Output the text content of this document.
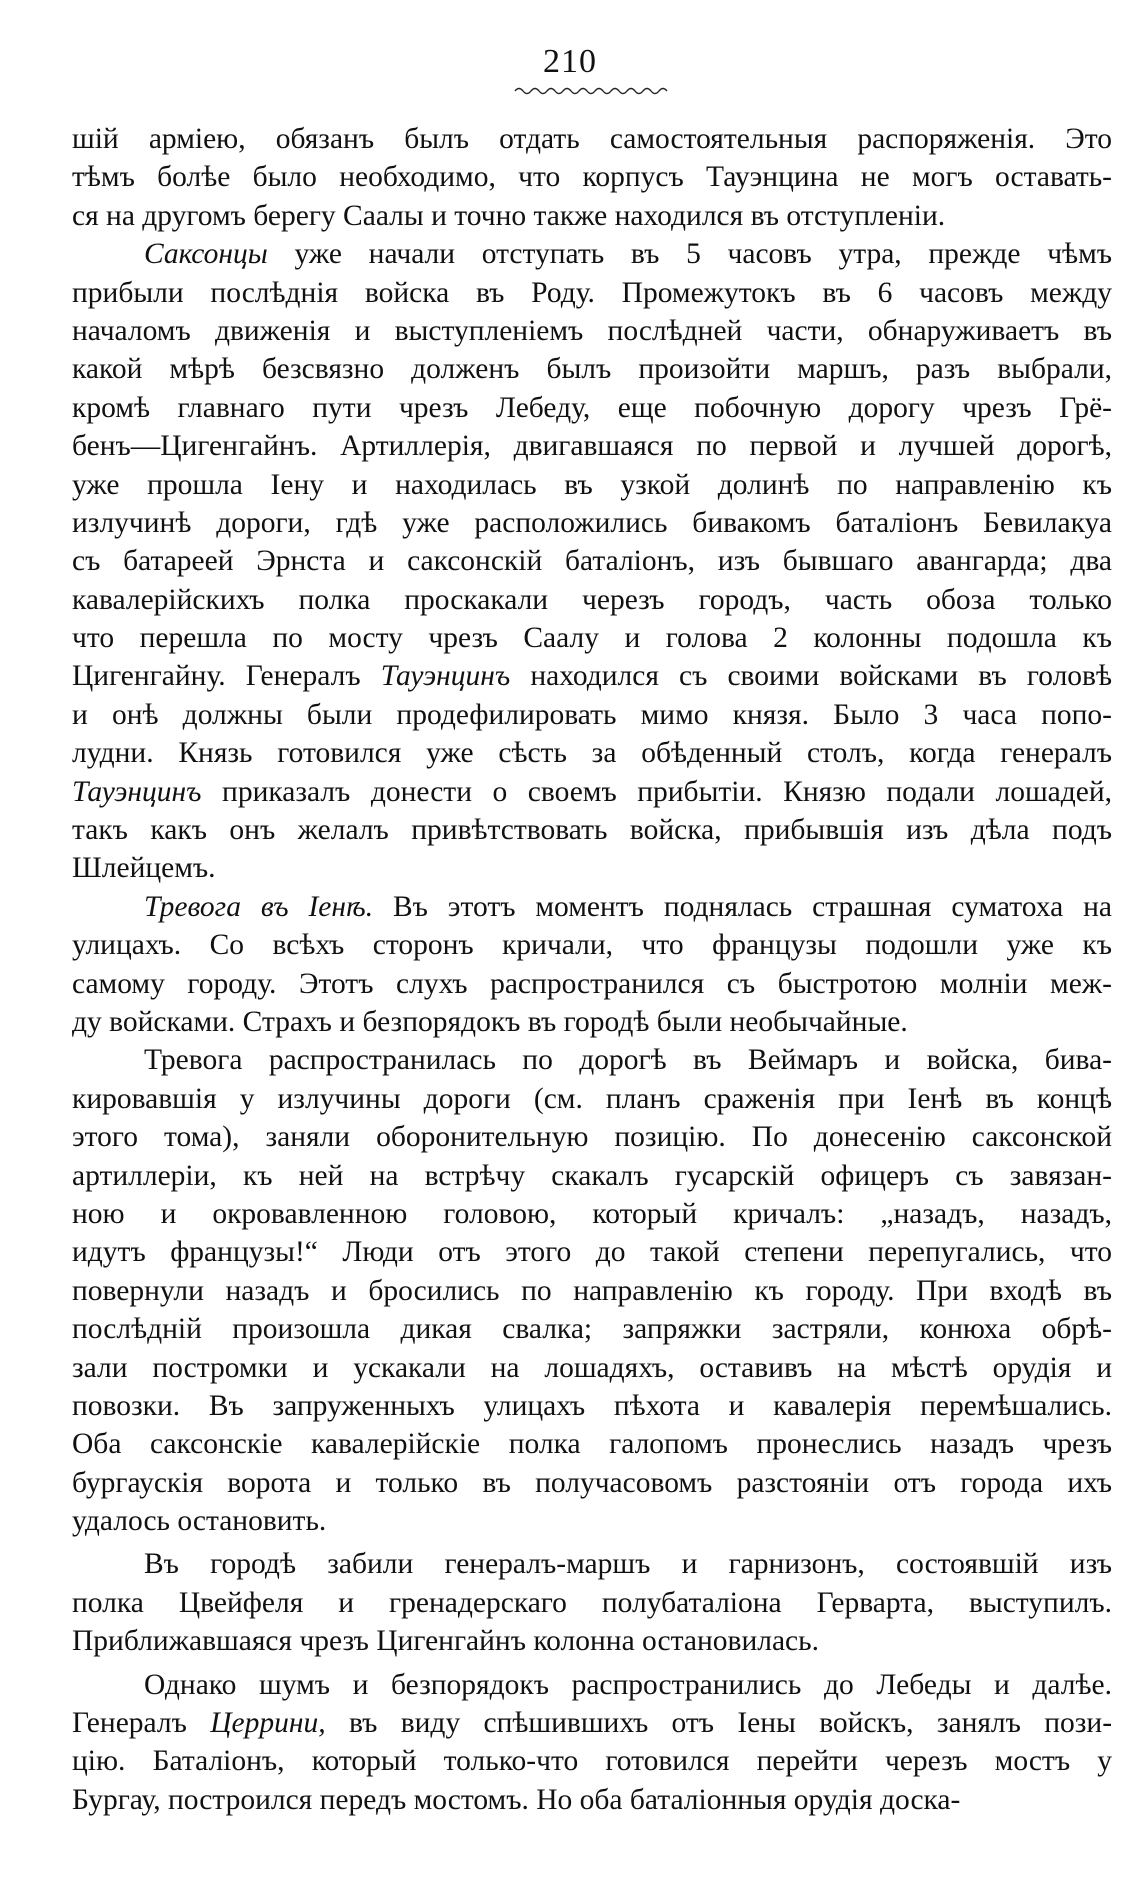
210
шій арміею, обязанъ былъ отдать самостоятельныя распоряженія. Это
тѣмъ болѣе было необходимо, что корпусъ Тауэнцина не могъ оставать-
ся на другомъ берегу Саалы и точно также находился въ отступленіи.
Саксонцы уже начали отступать въ 5 часовъ утра, прежде чѣмъ
прибыли послѣднія войска въ Роду. Промежутокъ въ 6 часовъ между
началомъ движенія и выступленіемъ послѣдней части, обнаруживаетъ въ
какой мѣрѣ безсвязно долженъ былъ произойти маршъ, разъ выбрали,
кромѣ главнаго пути чрезъ Лебеду, еще побочную дорогу чрезъ Грё-
бенъ—Цигенгайнъ. Артиллерія, двигавшаяся по первой и лучшей дорогѣ,
уже прошла Іену и находилась въ узкой долинѣ по направленію къ
излучинѣ дороги, гдѣ уже расположились бивакомъ баталіонъ Бевилакуа
съ батареей Эрнста и саксонскій баталіонъ, изъ бывшаго авангарда; два
кавалерійскихъ полка проскакали черезъ городъ, часть обоза только
что перешла по мосту чрезъ Саалу и голова 2 колонны подошла къ
Цигенгайну. Генералъ Тауэнцинъ находился съ своими войсками въ головѣ
и онѣ должны были продефилировать мимо князя. Было 3 часа попо-
лудни. Князь готовился уже сѣсть за обѣденный столъ, когда генералъ
Тауэнцинъ приказалъ донести о своемъ прибытіи. Князю подали лошадей,
такъ какъ онъ желалъ привѣтствовать войска, прибывшія изъ дѣла подъ
Шлейцемъ.
Тревога въ Іенѣ. Въ этотъ моментъ поднялась страшная суматоха на
улицахъ. Со всѣхъ сторонъ кричали, что французы подошли уже къ
самому городу. Этотъ слухъ распространился съ быстротою молніи меж-
ду войсками. Страхъ и безпорядокъ въ городѣ были необычайные.
Тревога распространилась по дорогѣ въ Веймаръ и войска, бива-
кировавшія у излучины дороги (см. планъ сраженія при Іенѣ въ концѣ
этого тома), заняли оборонительную позицію. По донесенію саксонской
артиллеріи, къ ней на встрѣчу скакалъ гусарскій офицеръ съ завязан-
ною и окровавленною головою, который кричалъ: „назадъ, назадъ,
идутъ французы!“ Люди отъ этого до такой степени перепугались, что
повернули назадъ и бросились по направленію къ городу. При входѣ въ
послѣдній произошла дикая свалка; запряжки застряли, конюха обрѣ-
зали постромки и ускакали на лошадяхъ, оставивъ на мѣстѣ орудія и
повозки. Въ запруженныхъ улицахъ пѣхота и кавалерія перемѣшались.
Оба саксонскіе кавалерійскіе полка галопомъ пронеслись назадъ чрезъ
бургаускія ворота и только въ получасовомъ разстояніи отъ города ихъ
удалось остановить.
Въ городѣ забили генералъ-маршъ и гарнизонъ, состоявшій изъ
полка Цвейфеля и гренадерскаго полубаталіона Герварта, выступилъ.
Приближавшаяся чрезъ Цигенгайнъ колонна остановилась.
Однако шумъ и безпорядокъ распространились до Лебеды и далѣе.
Генералъ Церрини, въ виду спѣшившихъ отъ Іены войскъ, занялъ пози-
цію. Баталіонъ, который только-что готовился перейти черезъ мостъ у
Бургау, построился передъ мостомъ. Но оба баталіонныя орудія доска-
